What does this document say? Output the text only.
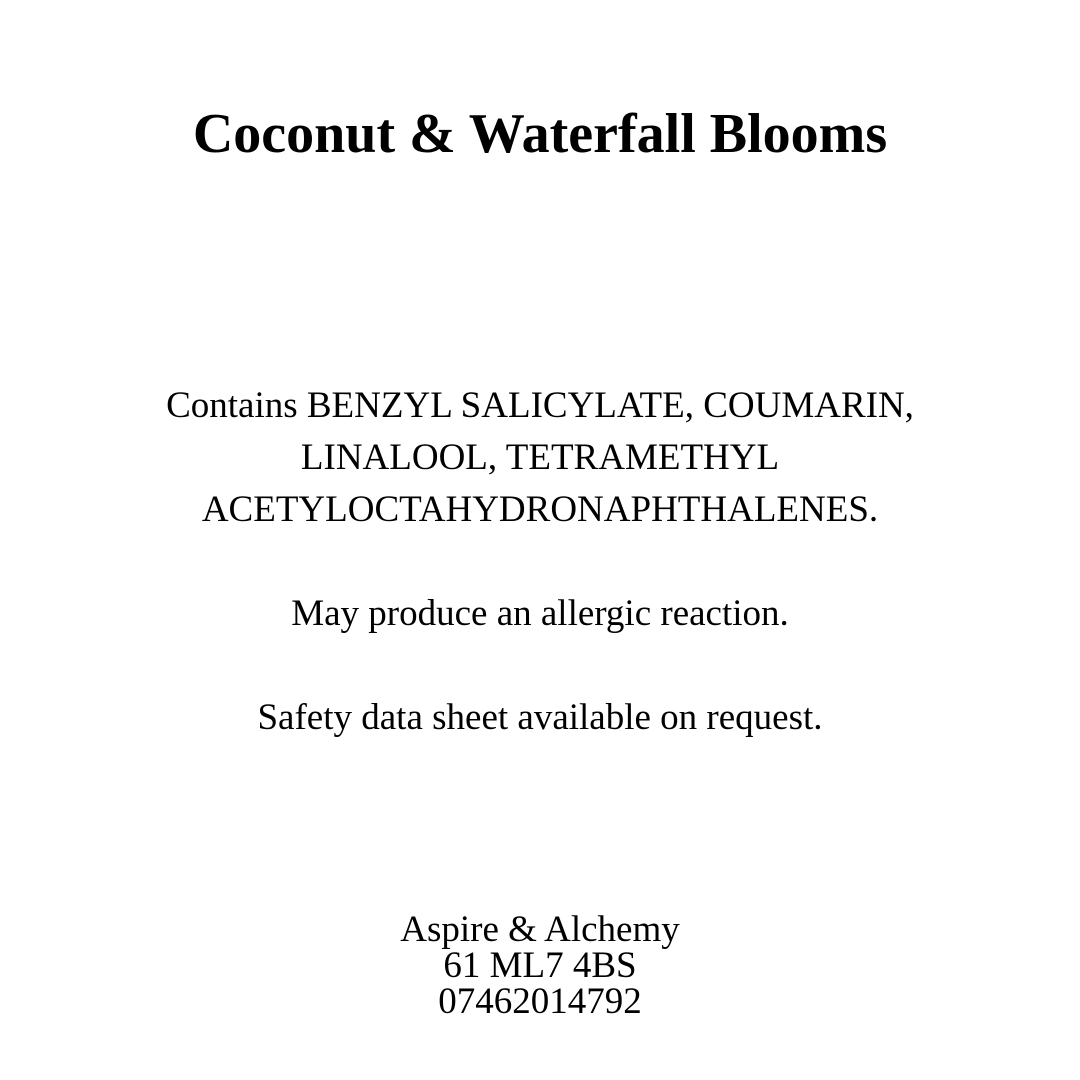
Coconut & Waterfall Blooms

Contains BENZYL SALICYLATE, COUMARIN, LINALOOL, TETRAMETHYL ACETYLOCTAHYDRONAPHTHALENES.

May produce an allergic reaction.

Safety data sheet available on request.

Aspire & Alchemy
61 ML7 4BS
07462014792
